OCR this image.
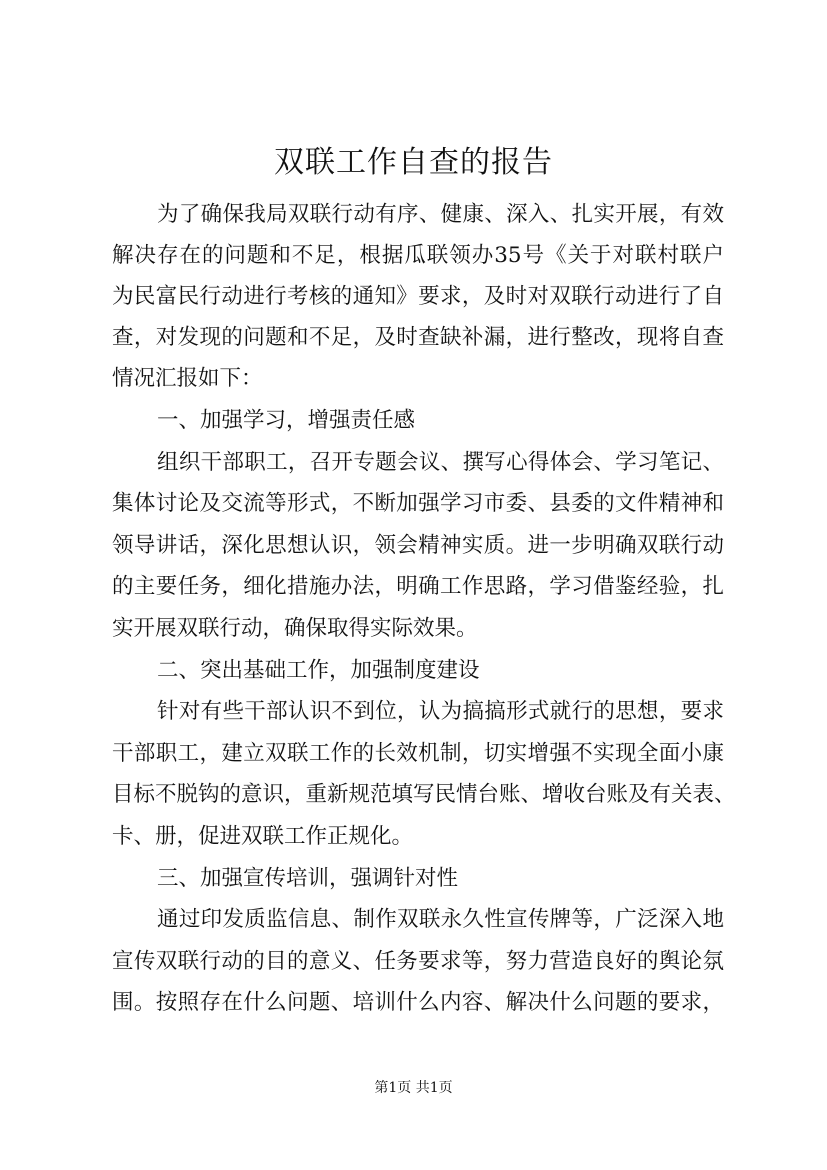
双联工作自查的报告
为了确保我局双联行动有序、健康、深入、扎实开展，有效
解决存在的问题和不足，根据瓜联领办35号《关于对联村联户
为民富民行动进行考核的通知》要求，及时对双联行动进行了自
查，对发现的问题和不足，及时查缺补漏，进行整改，现将自查
情况汇报如下：
一、加强学习，增强责任感
组织干部职工，召开专题会议、撰写心得体会、学习笔记、
集体讨论及交流等形式，不断加强学习市委、县委的文件精神和
领导讲话，深化思想认识，领会精神实质。进一步明确双联行动
的主要任务，细化措施办法，明确工作思路，学习借鉴经验，扎
实开展双联行动，确保取得实际效果。
二、突出基础工作，加强制度建设
针对有些干部认识不到位，认为搞搞形式就行的思想，要求
干部职工，建立双联工作的长效机制，切实增强不实现全面小康
目标不脱钩的意识，重新规范填写民情台账、增收台账及有关表、
卡、册，促进双联工作正规化。
三、加强宣传培训，强调针对性
通过印发质监信息、制作双联永久性宣传牌等，广泛深入地
宣传双联行动的目的意义、任务要求等，努力营造良好的舆论氛
围。按照存在什么问题、培训什么内容、解决什么问题的要求，
第1页 共1页
